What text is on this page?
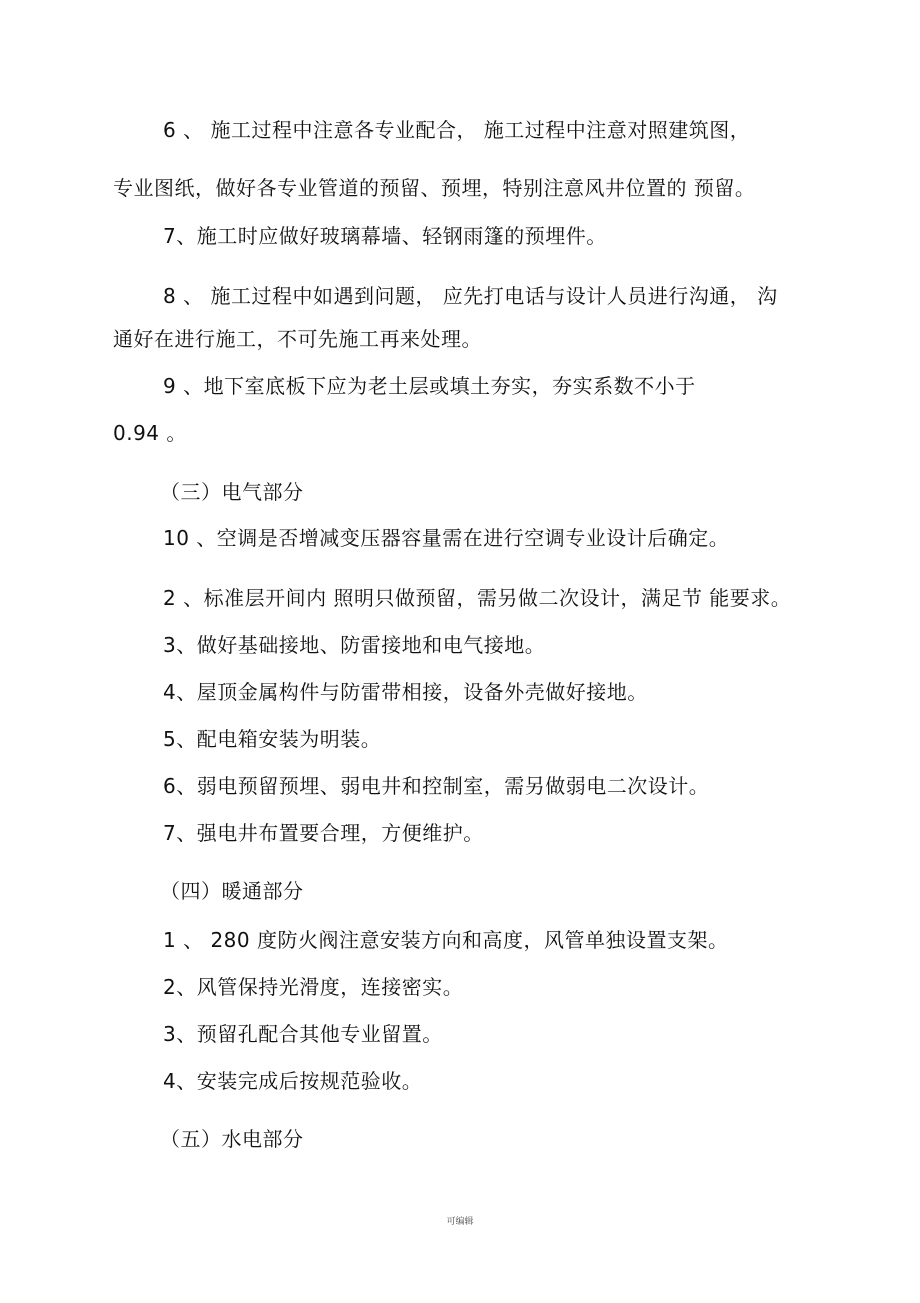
6 、 施工过程中注意各专业配合， 施工过程中注意对照建筑图，
专业图纸，做好各专业管道的预留、预埋，特别注意风井位置的 预留。
7、施工时应做好玻璃幕墙、轻钢雨篷的预埋件。
8 、 施工过程中如遇到问题， 应先打电话与设计人员进行沟通， 沟
通好在进行施工，不可先施工再来处理。
9 、地下室底板下应为老土层或填土夯实，夯实系数不小于
0.94 。
（三）电气部分
10 、空调是否增减变压器容量需在进行空调专业设计后确定。
2 、标准层开间内 照明只做预留，需另做二次设计，满足节 能要求。
3、做好基础接地、防雷接地和电气接地。
4、屋顶金属构件与防雷带相接，设备外壳做好接地。
5、配电箱安装为明装。
6、弱电预留预埋、弱电井和控制室，需另做弱电二次设计。
7、强电井布置要合理，方便维护。
（四）暖通部分
1 、 280 度防火阀注意安装方向和高度，风管单独设置支架。
2、风管保持光滑度，连接密实。
3、预留孔配合其他专业留置。
4、安装完成后按规范验收。
（五）水电部分
可编辑
